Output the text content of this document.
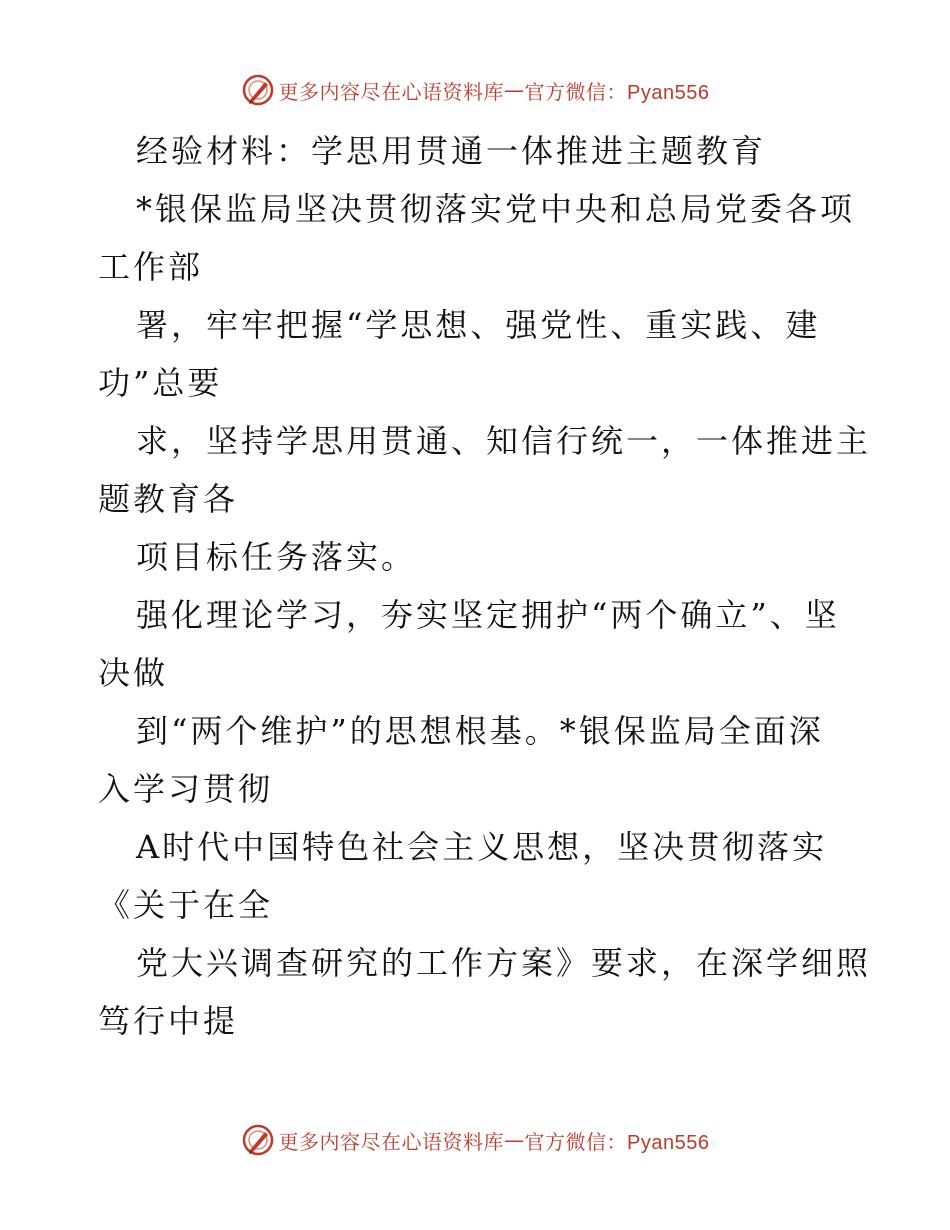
更多内容尽在心语资料库 — 官方微信：Pyan556
经验材料：学思用贯通一体推进主题教育
*银保监局坚决贯彻落实党中央和总局党委各项
工作部
署，牢牢把握“学思想、强党性、重实践、建
功”总要
求，坚持学思用贯通、知信行统一，一体推进主
题教育各
项目标任务落实。
强化理论学习，夯实坚定拥护“两个确立”、坚
决做
到“两个维护”的思想根基。*银保监局全面深
入学习贯彻
A时代中国特色社会主义思想，坚决贯彻落实
《关于在全
党大兴调查研究的工作方案》要求，在深学细照
笃行中提
更多内容尽在心语资料库 — 官方微信：Pyan556
